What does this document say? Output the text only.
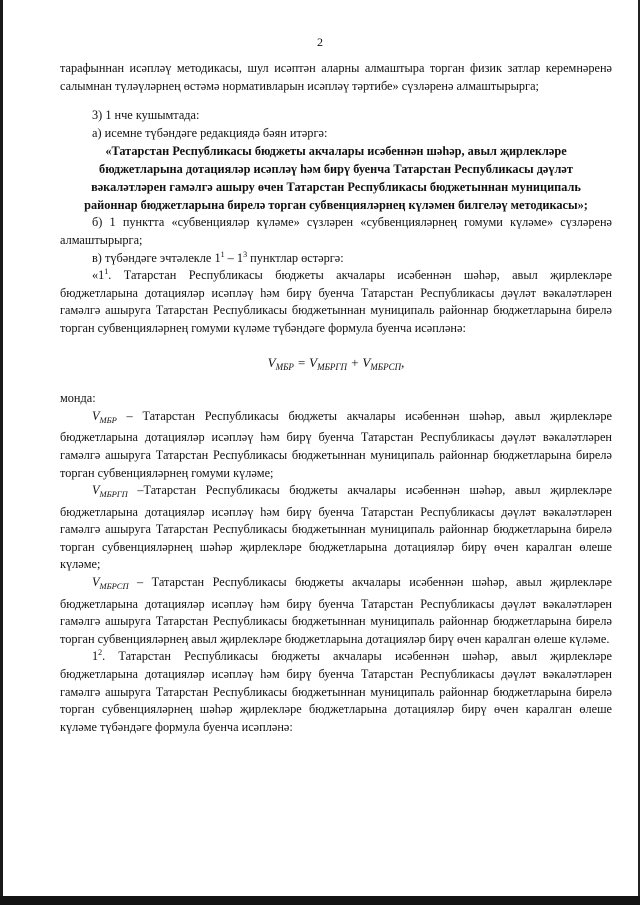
2

тарафыннан исәпләү методикасы, шул исәптән аларны алмаштыра торган физик затлар керемнәренә салымнан түләүләрнең өстәмә нормативларын исәпләү тәртибе» сүзләренә алмаштырырга;

3) 1 нче кушымтада:

а) исемне түбәндәге редакциядә бәян итәргә:

«Татарстан Республикасы бюджеты акчалары исәбеннән шәһәр, авыл җирлекләре бюджетларына дотацияләр исәпләү һәм бирү буенча Татарстан Республикасы дәүләт вәкаләтләрен гамәлгә ашыру өчен Татарстан Республикасы бюджетыннан муниципаль районнар бюджетларына бирелә торган субвенцияләрнең күләмен билгеләү методикасы»;

б) 1 пунктта «субвенцияләр күләме» сүзләрен «субвенцияләрнең гомуми күләме» сүзләренә алмаштырырга;

в) түбәндәге эчтәлекле $1^1 - 1^3$ пунктлар өстәргә:

«$1^1$. Татарстан Республикасы бюджеты акчалары исәбеннән шәһәр, авыл җирлекләре бюджетларына дотацияләр исәпләү һәм бирү буенча Татарстан Республикасы дәүләт вәкаләтләрен гамәлгә ашыруга Татарстан Республикасы бюджетыннан муниципаль районнар бюджетларына бирелә торган субвенцияләрнең гомуми күләме түбәндәге формула буенча исәпләнә:

$V_{МБР} = V_{МБРГП} + V_{МБРСП}$,

монда:

$V_{МБР}$ – Татарстан Республикасы бюджеты акчалары исәбеннән шәһәр, авыл җирлекләре бюджетларына дотацияләр исәпләү һәм бирү буенча Татарстан Республикасы дәүләт вәкаләтләрен гамәлгә ашыруга Татарстан Республикасы бюджетыннан муниципаль районнар бюджетларына бирелә торган субвенцияләрнең гомуми күләме;

$V_{МБРГП}$ –Татарстан Республикасы бюджеты акчалары исәбеннән шәһәр, авыл җирлекләре бюджетларына дотацияләр исәпләү һәм бирү буенча Татарстан Республикасы дәүләт вәкаләтләрен гамәлгә ашыруга Татарстан Республикасы бюджетыннан муниципаль районнар бюджетларына бирелә торган субвенцияләрнең шәһәр җирлекләре бюджетларына дотацияләр бирү өчен каралган өлеше күләме;

$V_{МБРСП}$ – Татарстан Республикасы бюджеты акчалары исәбеннән шәһәр, авыл җирлекләре бюджетларына дотацияләр исәпләү һәм бирү буенча Татарстан Республикасы дәүләт вәкаләтләрен гамәлгә ашыруга Татарстан Республикасы бюджетыннан муниципаль районнар бюджетларына бирелә торган субвенцияләрнең авыл җирлекләре бюджетларына дотацияләр бирү өчен каралган өлеше күләме.

$1^2$. Татарстан Республикасы бюджеты акчалары исәбеннән шәһәр, авыл җирлекләре бюджетларына дотацияләр исәпләү һәм бирү буенча Татарстан Республикасы дәүләт вәкаләтләрен гамәлгә ашыруга Татарстан Республикасы бюджетыннан муниципаль районнар бюджетларына бирелә торган субвенцияләрнең шәһәр җирлекләре бюджетларына дотацияләр бирү өчен каралган өлеше күләме түбәндәге формула буенча исәпләнә:
